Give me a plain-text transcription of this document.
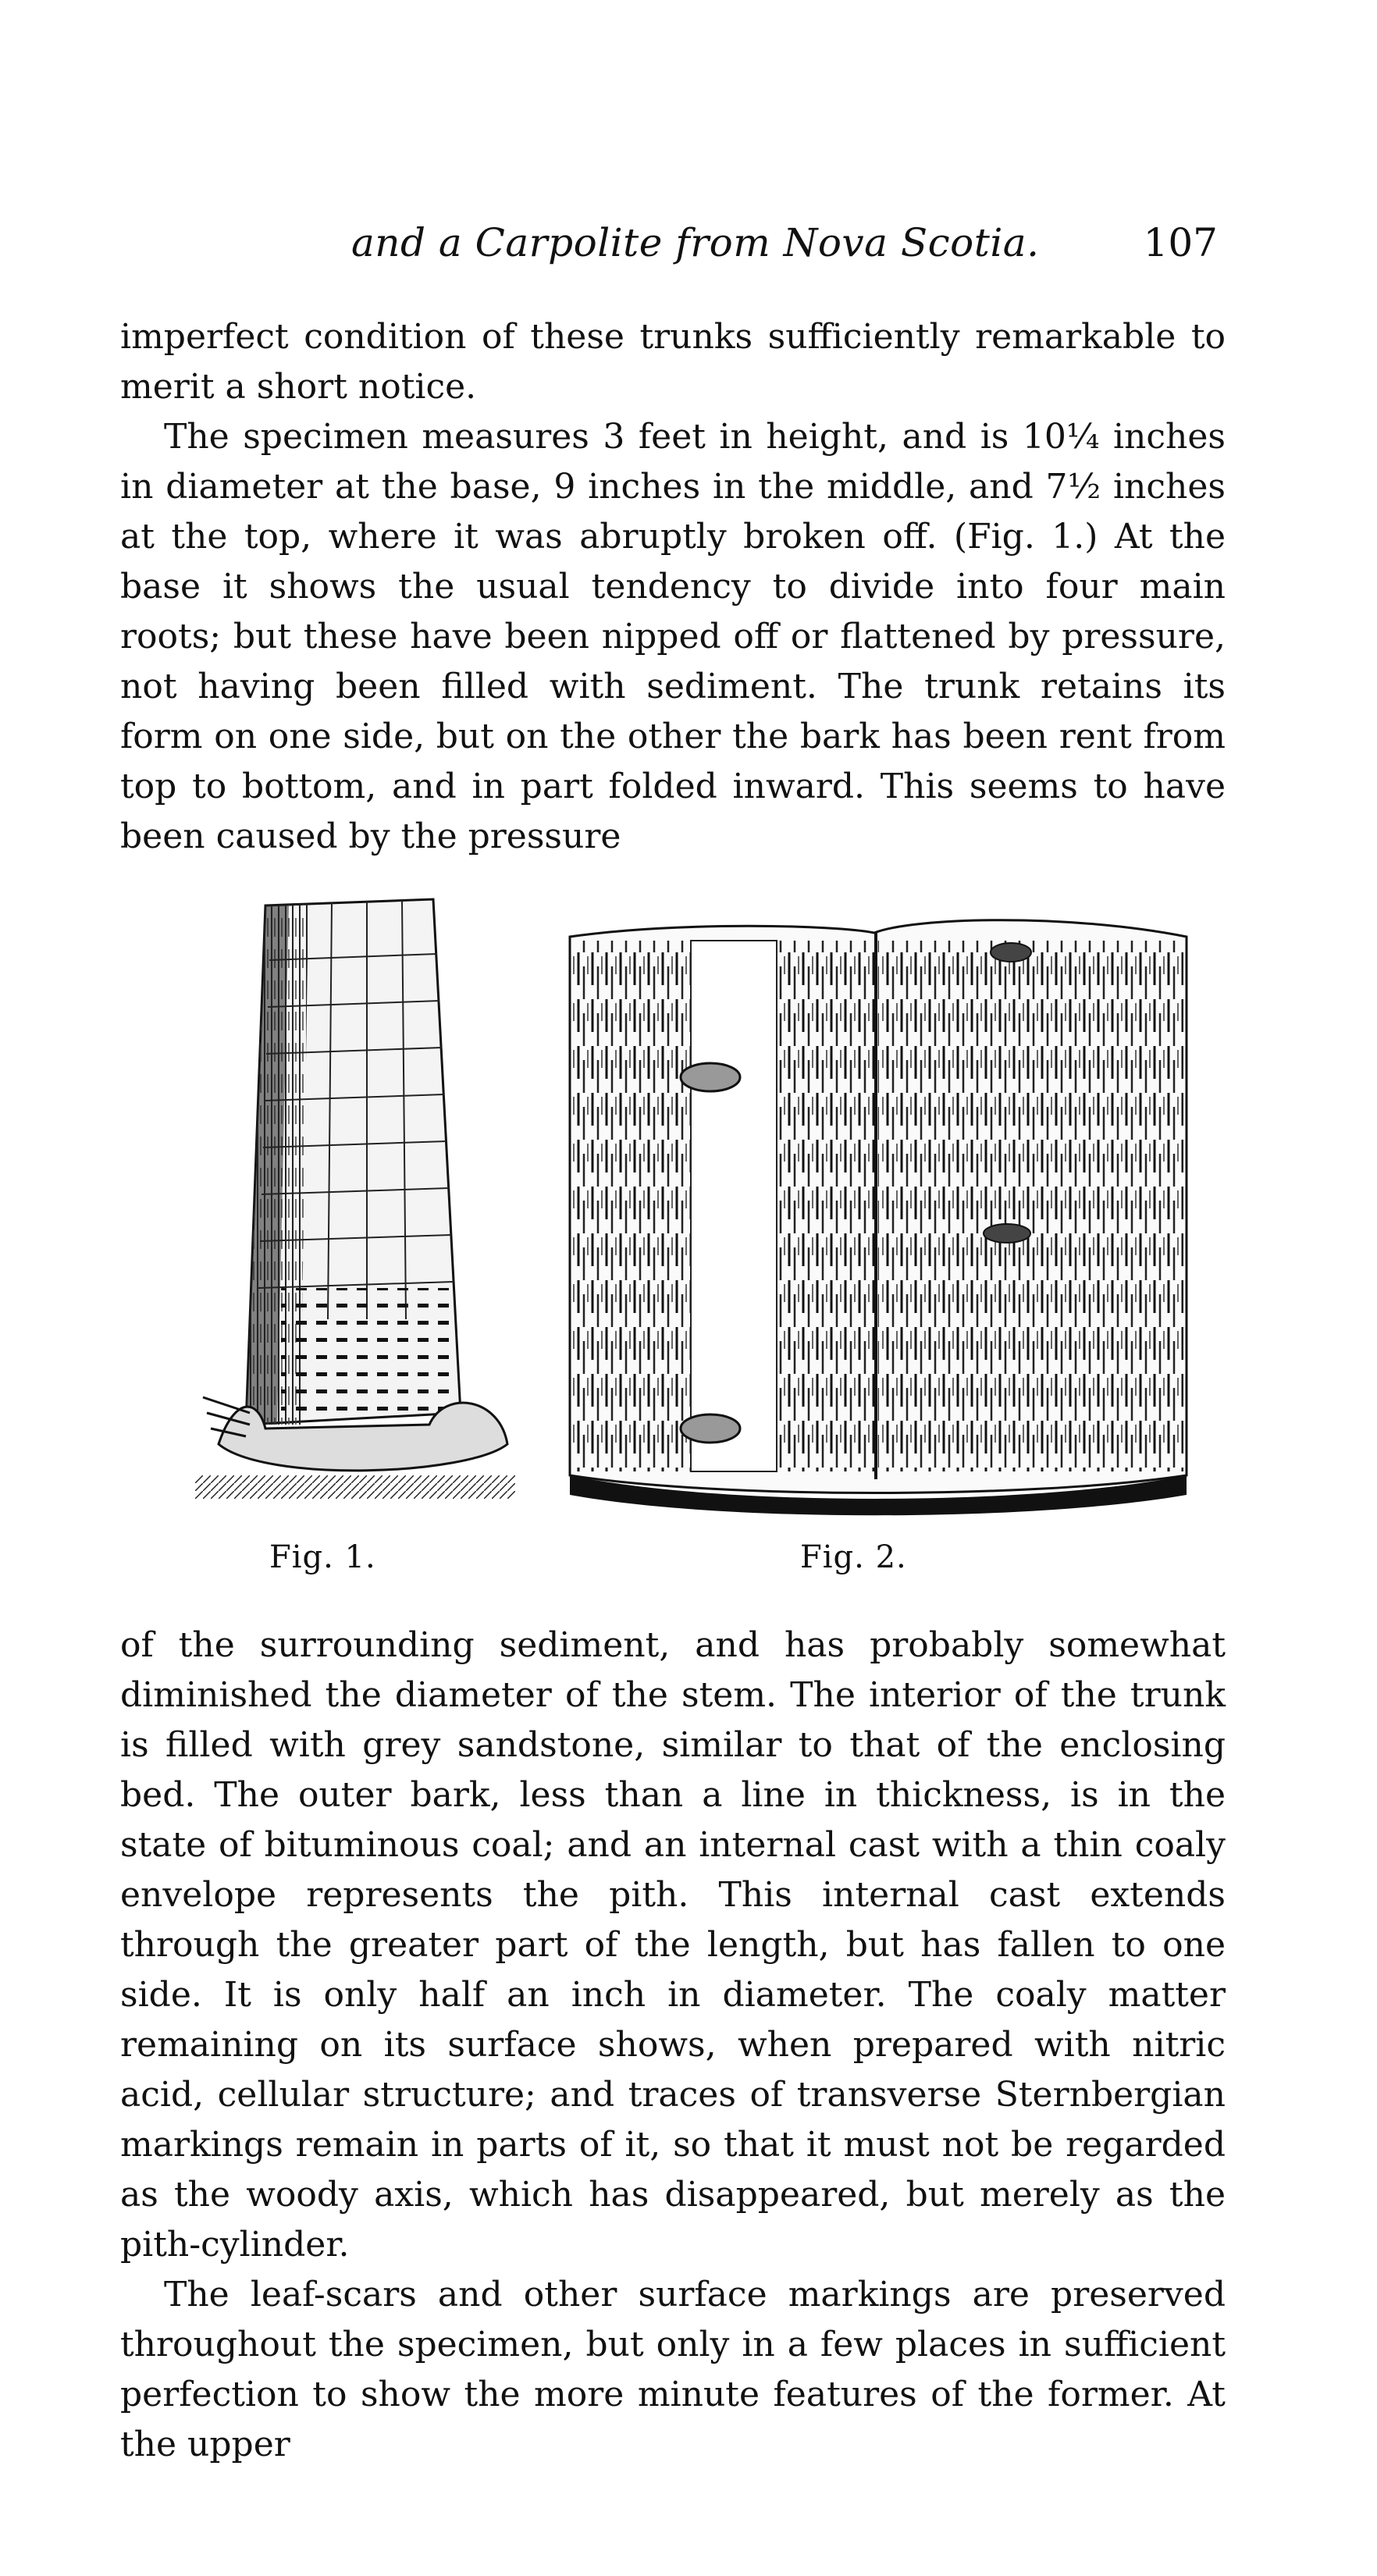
and a Carpolite from Nova Scotia.	107

imperfect condition of these trunks sufficiently remarkable to merit a short notice.

The specimen measures 3 feet in height, and is 10¼ inches in diameter at the base, 9 inches in the middle, and 7½ inches at the top, where it was abruptly broken off. (Fig. 1.) At the base it shows the usual tendency to divide into four main roots; but these have been nipped off or flattened by pressure, not having been filled with sediment. The trunk retains its form on one side, but on the other the bark has been rent from top to bottom, and in part folded inward. This seems to have been caused by the pressure

Fig. 1.	Fig. 2.

of the surrounding sediment, and has probably somewhat diminished the diameter of the stem. The interior of the trunk is filled with grey sandstone, similar to that of the enclosing bed. The outer bark, less than a line in thickness, is in the state of bituminous coal; and an internal cast with a thin coaly envelope represents the pith. This internal cast extends through the greater part of the length, but has fallen to one side. It is only half an inch in diameter. The coaly matter remaining on its surface shows, when prepared with nitric acid, cellular structure; and traces of transverse Sternbergian markings remain in parts of it, so that it must not be regarded as the woody axis, which has disappeared, but merely as the pith-cylinder.

The leaf-scars and other surface markings are preserved throughout the specimen, but only in a few places in sufficient perfection to show the more minute features of the former. At the upper
